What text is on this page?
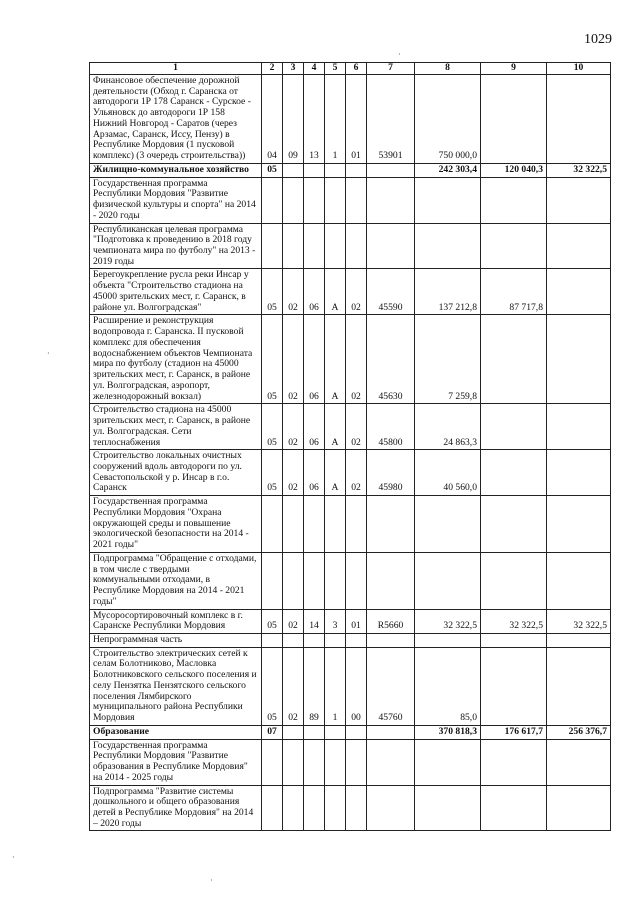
1029
1	2	3	4	5	6	7	8	9	10
Финансовое обеспечение дорожной деятельности (Обход г. Саранска от автодороги 1Р 178 Саранск - Сурское - Ульяновск до автодороги 1Р 158 Нижний Новгород - Саратов (через Арзамас, Саранск, Исcу, Пензу) в Республике Мордовия (1 пусковой комплекс) (3 очередь строительства))	04	09	13	1	01	53901	750 000,0		
Жилищно-коммунальное хозяйство	05						242 303,4	120 040,3	32 322,5
Государственная программа Республики Мордовия "Развитие физической культуры и спорта" на 2014 - 2020 годы									
Республиканская целевая программа "Подготовка к проведению в 2018 году чемпионата мира по футболу" на 2013 - 2019 годы									
Берегоукрепление русла реки Инсар у объекта "Строительство стадиона на 45000 зрительских мест, г. Саранск, в районе ул. Волгоградская"	05	02	06	А	02	45590	137 212,8	87 717,8	
Расширение и реконструкция водопровода г. Саранска. II пусковой комплекс для обеспечения водоснабжением объектов Чемпионата мира по футболу (стадион на 45000 зрительских мест, г. Саранск, в районе ул. Волгоградская, аэропорт, железнодорожный вокзал)	05	02	06	А	02	45630	7 259,8		
Строительство стадиона на 45000 зрительских мест, г. Саранск, в районе ул. Волгоградская. Сети теплоснабжения	05	02	06	А	02	45800	24 863,3		
Строительство локальных очистных сооружений вдоль автодороги по ул. Севастопольской у р. Инсар в г.о. Саранск	05	02	06	А	02	45980	40 560,0		
Государственная программа Республики Мордовия "Охрана окружающей среды и повышение экологической безопасности на 2014 - 2021 годы"									
Подпрограмма "Обращение с отходами, в том числе с твердыми коммунальными отходами, в Республике Мордовия на 2014 - 2021 годы"									
Мусоросортировочный комплекс в г. Саранске Республики Мордовия	05	02	14	3	01	R5660	32 322,5	32 322,5	32 322,5
Непрограммная часть									
Строительство электрических сетей к селам Болотниково, Масловка Болотниковского сельского поселения и селу Пензятка Пензятского сельского поселения Лямбирского муниципального района Республики Мордовия	05	02	89	1	00	45760	85,0		
Образование	07						370 818,3	176 617,7	256 376,7
Государственная программа Республики Мордовия "Развитие образования в Республике Мордовия" на 2014 - 2025 годы									
Подпрограмма "Развитие системы дошкольного и общего образования детей в Республике Мордовия" на 2014 – 2020 годы									
·
·
·
·
